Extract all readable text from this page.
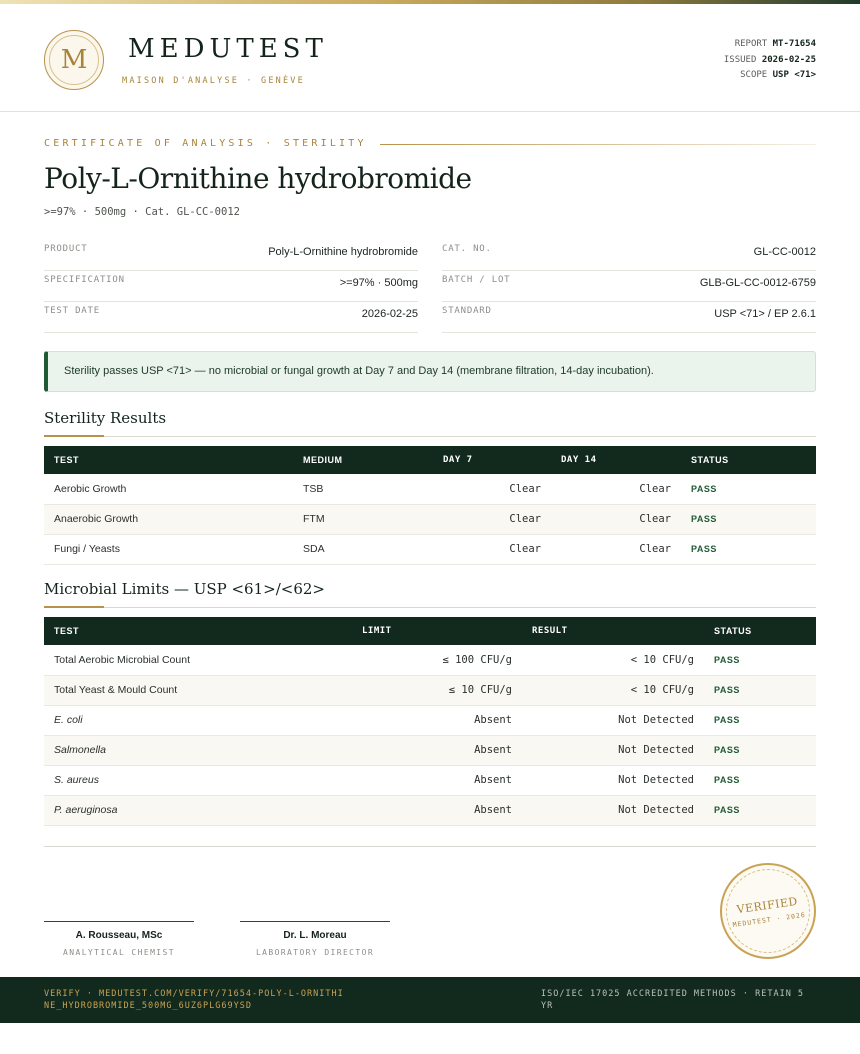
M	MEDUTEST
MAISON D'ANALYSE · GENÈVE
REPORT MT-71654
ISSUED 2026-02-25
SCOPE USP <71>
CERTIFICATE OF ANALYSIS · STERILITY
Poly-L-Ornithine hydrobromide
>=97% · 500mg · Cat. GL-CC-0012
PRODUCT	Poly-L-Ornithine hydrobromide
SPECIFICATION	>=97% · 500mg
TEST DATE	2026-02-25
CAT. NO.	GL-CC-0012
BATCH / LOT	GLB-GL-CC-0012-6759
STANDARD	USP <71> / EP 2.6.1
Sterility passes USP <71> — no microbial or fungal growth at Day 7 and Day 14 (membrane filtration, 14-day incubation).
Sterility Results
TEST	MEDIUM	DAY 7	DAY 14	STATUS
Aerobic Growth	TSB	Clear	Clear	PASS
Anaerobic Growth	FTM	Clear	Clear	PASS
Fungi / Yeasts	SDA	Clear	Clear	PASS
Microbial Limits — USP <61>/<62>
TEST	LIMIT	RESULT	STATUS
Total Aerobic Microbial Count	≤ 100 CFU/g	< 10 CFU/g	PASS
Total Yeast & Mould Count	≤ 10 CFU/g	< 10 CFU/g	PASS
E. coli	Absent	Not Detected	PASS
Salmonella	Absent	Not Detected	PASS
S. aureus	Absent	Not Detected	PASS
P. aeruginosa	Absent	Not Detected	PASS
A. Rousseau, MSc
ANALYTICAL CHEMIST
Dr. L. Moreau
LABORATORY DIRECTOR
VERIFIED
MEDUTEST · 2026
VERIFY · MEDUTEST.COM/VERIFY/71654-POLY-L-ORNITHINE_HYDROBROMIDE_500MG_6UZ6PLG69YSD
ISO/IEC 17025 ACCREDITED METHODS · RETAIN 5 YR
